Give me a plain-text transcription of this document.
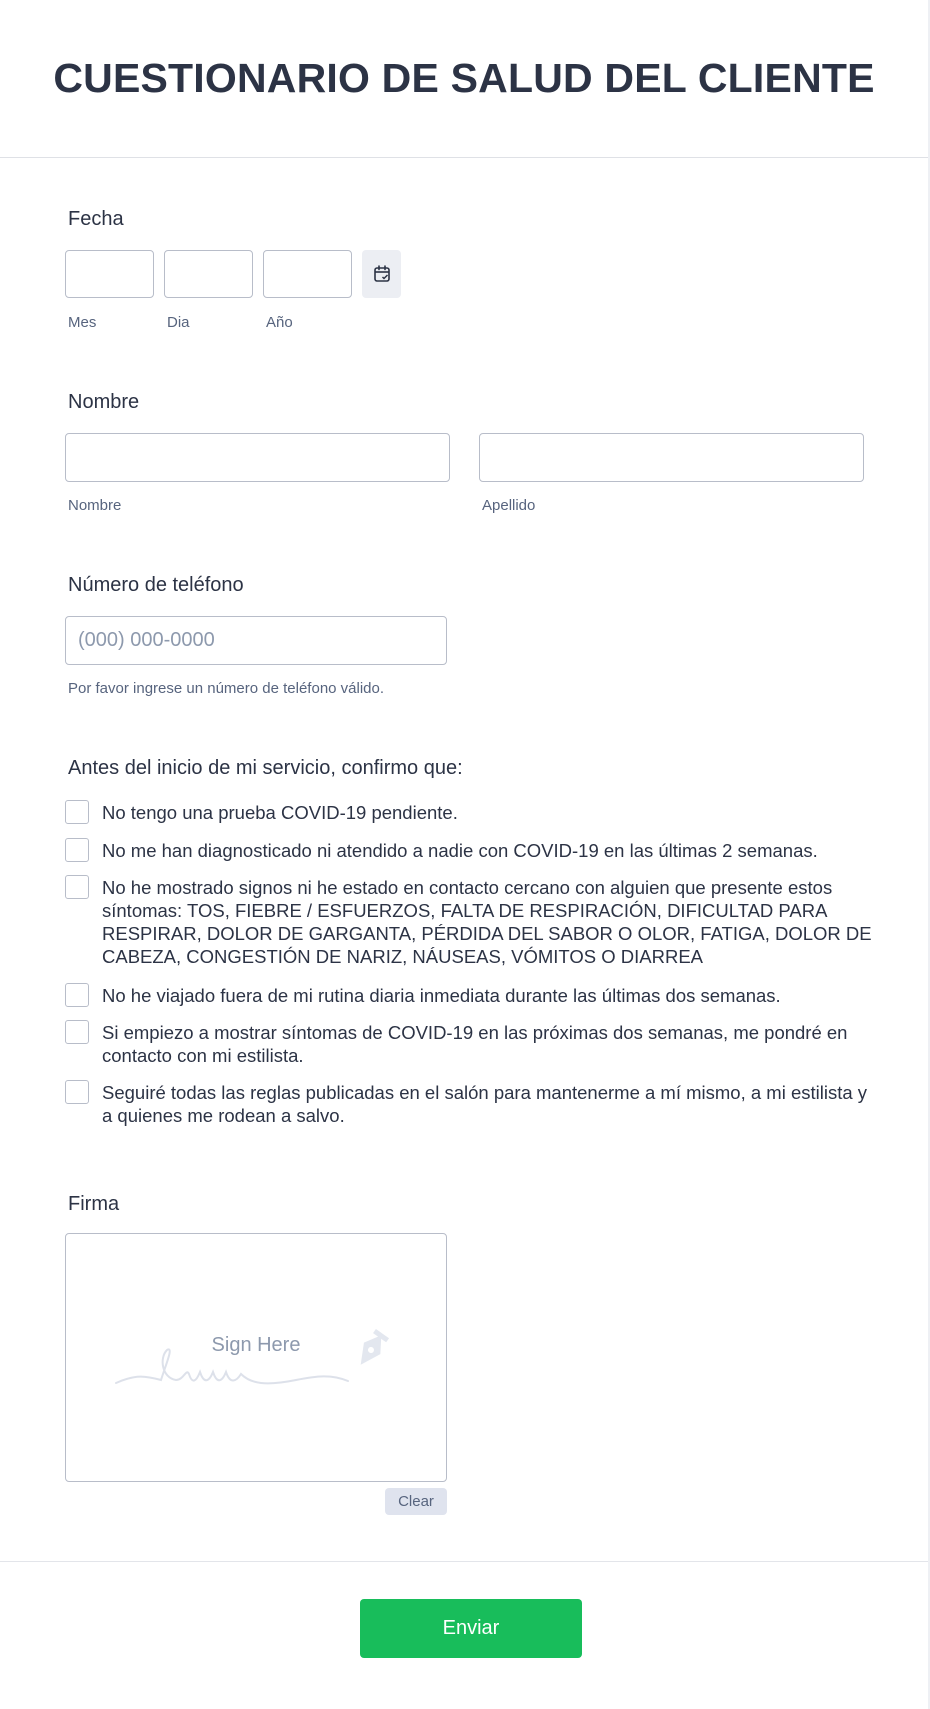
CUESTIONARIO DE SALUD DEL CLIENTE
Fecha
Mes	Dia	Año
Nombre
Nombre	Apellido
Número de teléfono
(000) 000-0000
Por favor ingrese un número de teléfono válido.
Antes del inicio de mi servicio, confirmo que:
No tengo una prueba COVID-19 pendiente.
No me han diagnosticado ni atendido a nadie con COVID-19 en las últimas 2 semanas.
No he mostrado signos ni he estado en contacto cercano con alguien que presente estos síntomas: TOS, FIEBRE / ESFUERZOS, FALTA DE RESPIRACIÓN, DIFICULTAD PARA RESPIRAR, DOLOR DE GARGANTA, PÉRDIDA DEL SABOR O OLOR, FATIGA, DOLOR DE CABEZA, CONGESTIÓN DE NARIZ, NÁUSEAS, VÓMITOS O DIARREA
No he viajado fuera de mi rutina diaria inmediata durante las últimas dos semanas.
Si empiezo a mostrar síntomas de COVID-19 en las próximas dos semanas, me pondré en contacto con mi estilista.
Seguiré todas las reglas publicadas en el salón para mantenerme a mí mismo, a mi estilista y a quienes me rodean a salvo.
Firma
Sign Here
Clear
Enviar
